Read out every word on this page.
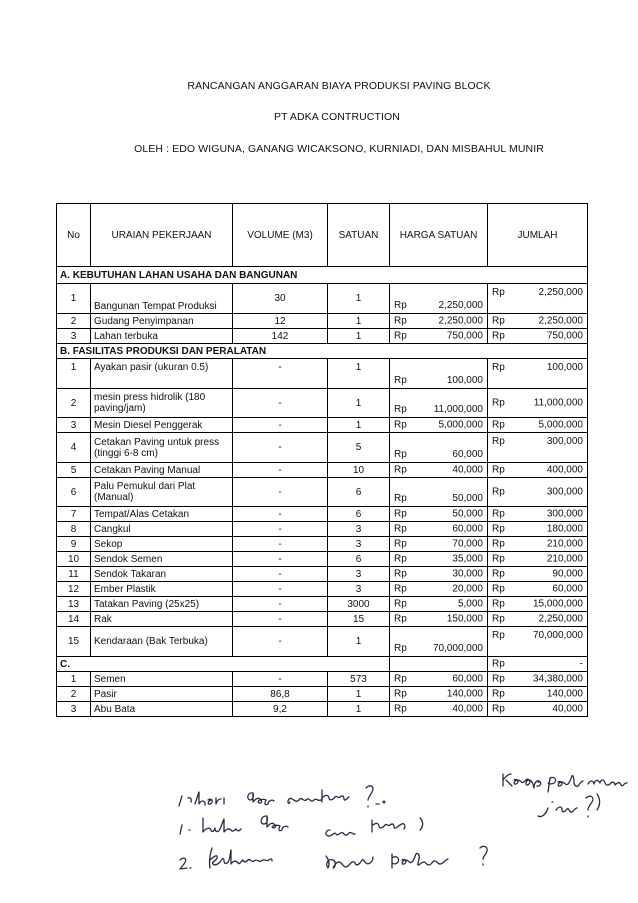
RANCANGAN ANGGARAN BIAYA PRODUKSI PAVING BLOCK
PT ADKA CONTRUCTION
OLEH : EDO WIGUNA, GANANG WICAKSONO, KURNIADI, DAN MISBAHUL MUNIR
No	URAIAN PEKERJAAN	VOLUME (M3)	SATUAN	HARGA SATUAN	JUMLAH
A. KEBUTUHAN LAHAN USAHA DAN BANGUNAN					
1	Bangunan Tempat Produksi	30	1	Rp 2,250,000	Rp 2,250,000

2	Gudang Penyimpanan	12	1	Rp 2,250,000	Rp 2,250,000

3	Lahan terbuka	142	1	Rp 750,000	Rp 750,000

B. FASILITAS PRODUKSI DAN PERALATAN					
1	Ayakan pasir (ukuran 0.5)	-	1	Rp 100,000	Rp 100,000

2	mesin press hidrolik (180 paving/jam)	-	1	Rp 11,000,000	Rp 11,000,000

3	Mesin Diesel Penggerak	-	1	Rp 5,000,000	Rp 5,000,000

4	Cetakan Paving untuk press (tinggi 6-8 cm)	-	5	Rp 60,000	Rp 300,000

5	Cetakan Paving Manual	-	10	Rp 40,000	Rp 400,000

6	Palu Pemukul dari Plat (Manual)	-	6	Rp 50,000	Rp 300,000

7	Tempat/Alas Cetakan	-	6	Rp 50,000	Rp 300,000

8	Cangkul	-	3	Rp 60,000	Rp 180,000

9	Sekop	-	3	Rp 70,000	Rp 210,000

10	Sendok Semen	-	6	Rp 35,000	Rp 210,000

11	Sendok Takaran	-	3	Rp 30,000	Rp 90,000

12	Ember Plastik	-	3	Rp 20,000	Rp 60,000

13	Tatakan Paving (25x25)	-	3000	Rp 5,000	Rp 15,000,000

14	Rak	-	15	Rp 150,000	Rp 2,250,000

15	Kendaraan (Bak Terbuka)	-	1	Rp 70,000,000	Rp 70,000,000

C.					Rp -

1	Semen	-	573	Rp 60,000	Rp 34,380,000

2	Pasir	86,8	1	Rp 140,000	Rp 140,000

3	Abu Bata	9,2	1	Rp 40,000	Rp 40,000
